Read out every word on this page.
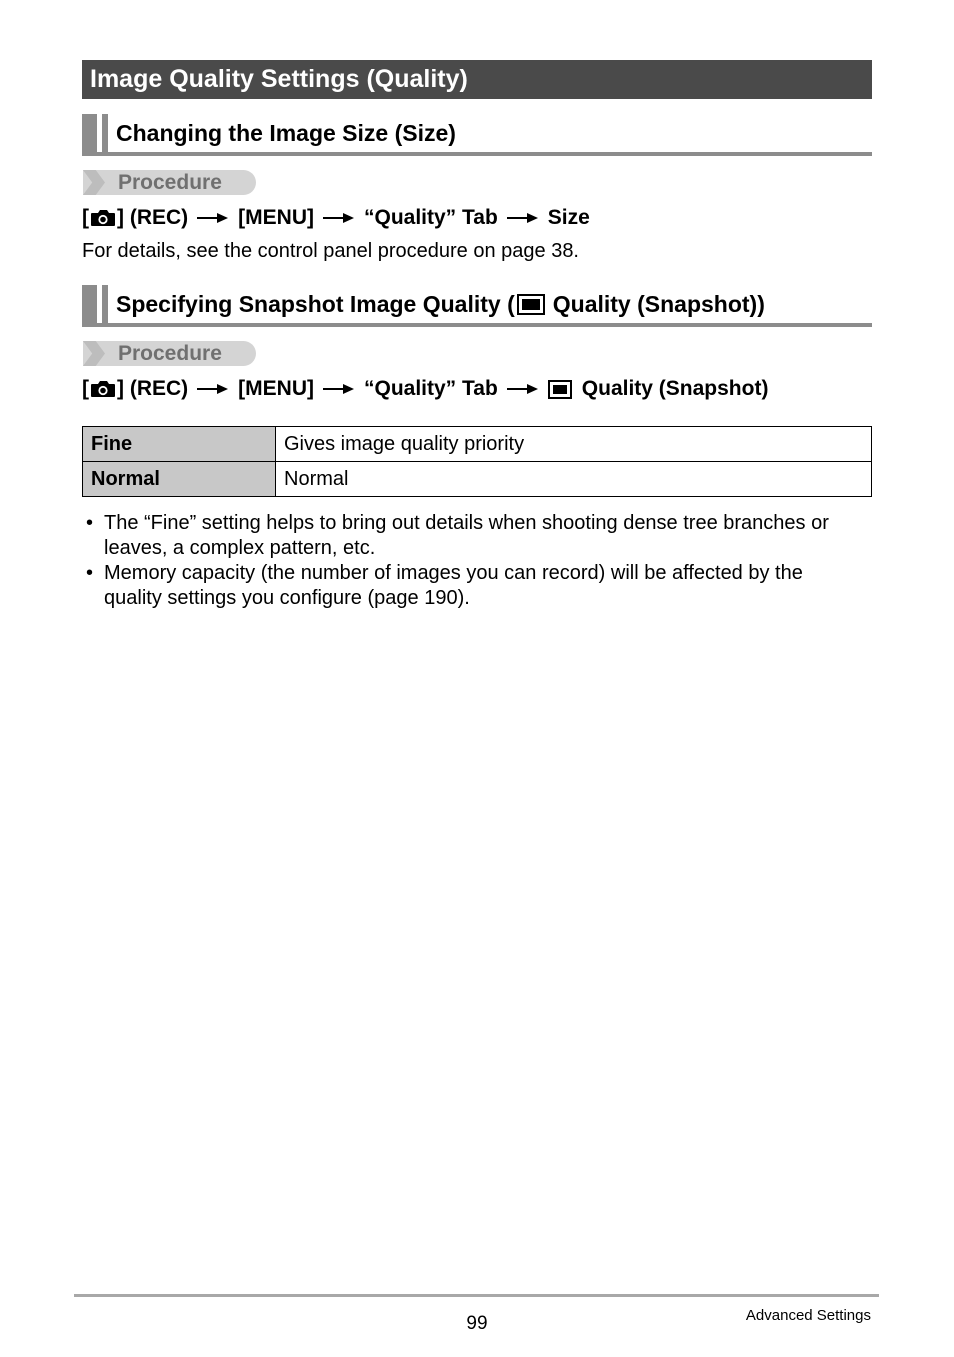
Image Quality Settings (Quality)
Changing the Image Size (Size)
Procedure
[ ] (REC) [MENU] “Quality” Tab Size
For details, see the control panel procedure on page 38.
Specifying Snapshot Image Quality ( Quality (Snapshot))
Procedure
[ ] (REC) [MENU] “Quality” Tab	Quality (Snapshot)
Fine	Gives image quality priority
Normal	Normal
• The “Fine” setting helps to bring out details when shooting dense tree branches or
leaves, a complex pattern, etc.
• Memory capacity (the number of images you can record) will be affected by the
quality settings you configure (page 190).
99	Advanced Settings
